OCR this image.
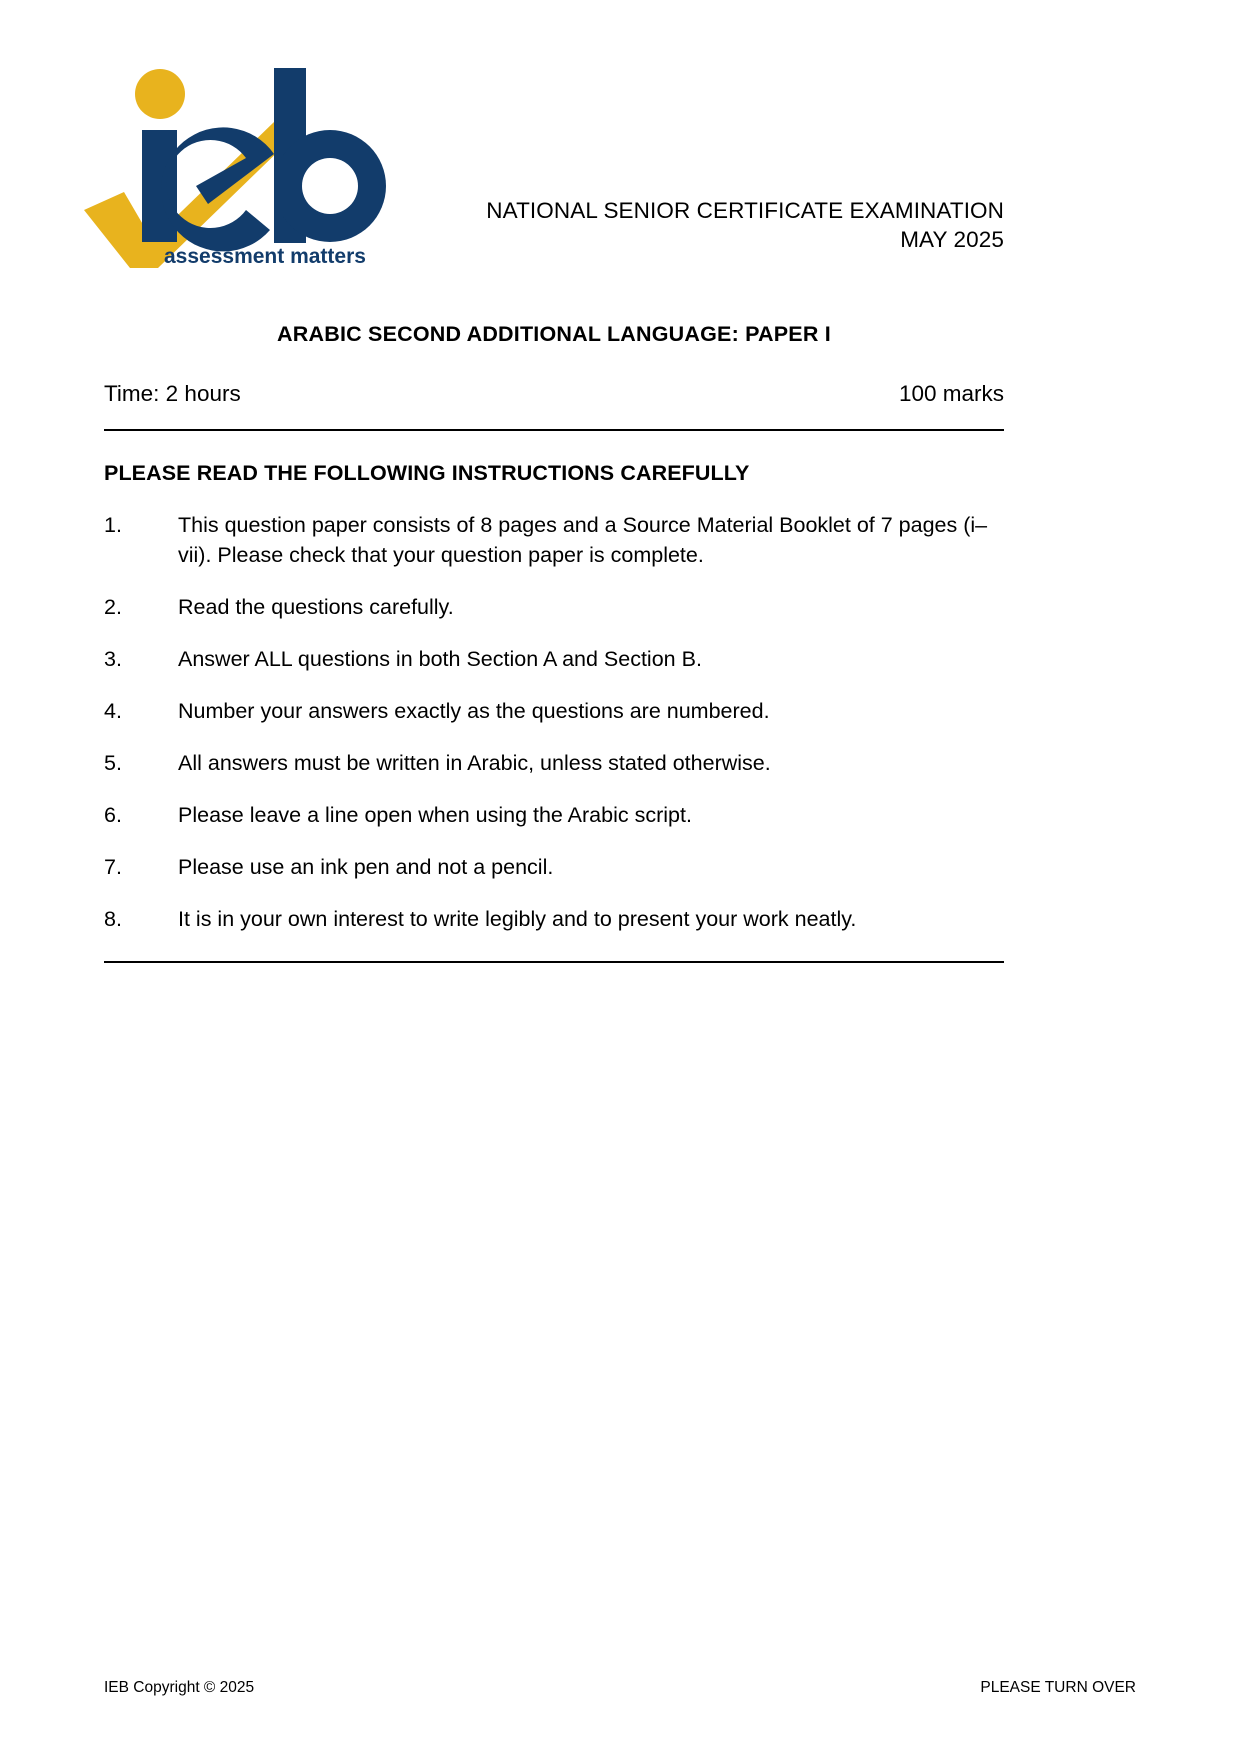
assessment matters
NATIONAL SENIOR CERTIFICATE EXAMINATION
MAY 2025
ARABIC SECOND ADDITIONAL LANGUAGE: PAPER I
Time: 2 hours	100 marks
PLEASE READ THE FOLLOWING INSTRUCTIONS CAREFULLY
1.	This question paper consists of 8 pages and a Source Material Booklet of 7 pages (i–vii). Please check that your question paper is complete.
2.	Read the questions carefully.
3.	Answer ALL questions in both Section A and Section B.
4.	Number your answers exactly as the questions are numbered.
5.	All answers must be written in Arabic, unless stated otherwise.
6.	Please leave a line open when using the Arabic script.
7.	Please use an ink pen and not a pencil.
8.	It is in your own interest to write legibly and to present your work neatly.
IEB Copyright © 2025	PLEASE TURN OVER
